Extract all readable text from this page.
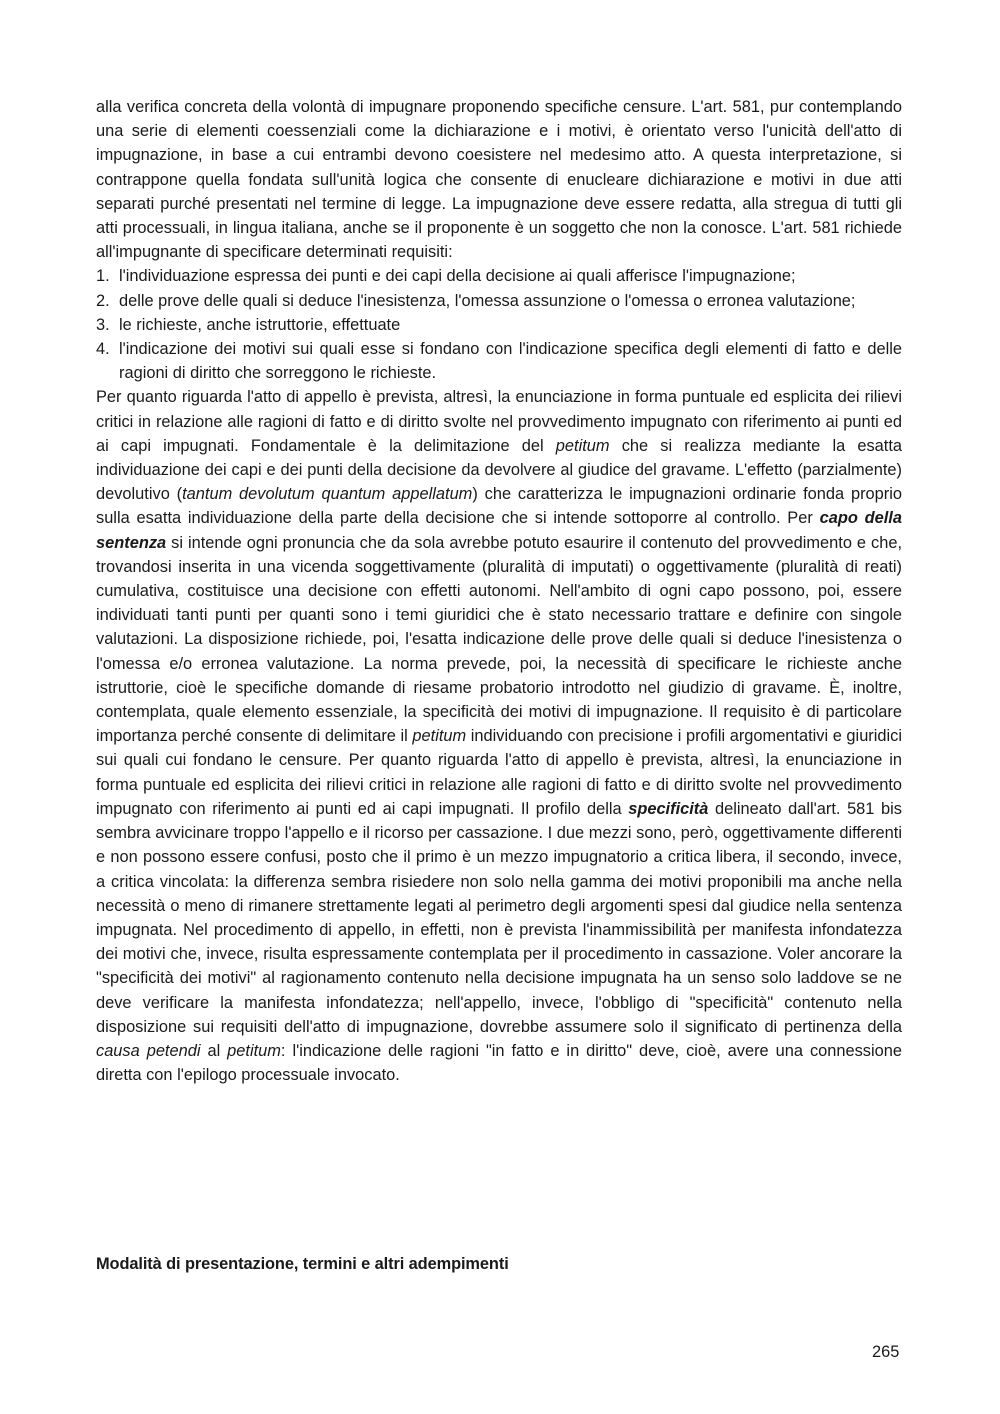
alla verifica concreta della volontà di impugnare proponendo specifiche censure. L'art. 581, pur contemplando una serie di elementi coessenziali come la dichiarazione e i motivi, è orientato verso l'unicità dell'atto di impugnazione, in base a cui entrambi devono coesistere nel medesimo atto. A questa interpretazione, si contrappone quella fondata sull'unità logica che consente di enucleare dichiarazione e motivi in due atti separati purché presentati nel termine di legge. La impugnazione deve essere redatta, alla stregua di tutti gli atti processuali, in lingua italiana, anche se il proponente è un soggetto che non la conosce. L'art. 581 richiede all'impugnante di specificare determinati requisiti:

1. l'individuazione espressa dei punti e dei capi della decisione ai quali afferisce l'impugnazione;
2. delle prove delle quali si deduce l'inesistenza, l'omessa assunzione o l'omessa o erronea valutazione;
3. le richieste, anche istruttorie, effettuate
4. l'indicazione dei motivi sui quali esse si fondano con l'indicazione specifica degli elementi di fatto e delle ragioni di diritto che sorreggono le richieste.

Per quanto riguarda l'atto di appello è prevista, altresì, la enunciazione in forma puntuale ed esplicita dei rilievi critici in relazione alle ragioni di fatto e di diritto svolte nel provvedimento impugnato con riferimento ai punti ed ai capi impugnati. Fondamentale è la delimitazione del petitum che si realizza mediante la esatta individuazione dei capi e dei punti della decisione da devolvere al giudice del gravame. L'effetto (parzialmente) devolutivo (tantum devolutum quantum appellatum) che caratterizza le impugnazioni ordinarie fonda proprio sulla esatta individuazione della parte della decisione che si intende sottoporre al controllo. Per capo della sentenza si intende ogni pronuncia che da sola avrebbe potuto esaurire il contenuto del provvedimento e che, trovandosi inserita in una vicenda soggettivamente (pluralità di imputati) o oggettivamente (pluralità di reati) cumulativa, costituisce una decisione con effetti autonomi. Nell'ambito di ogni capo possono, poi, essere individuati tanti punti per quanti sono i temi giuridici che è stato necessario trattare e definire con singole valutazioni. La disposizione richiede, poi, l'esatta indicazione delle prove delle quali si deduce l'inesistenza o l'omessa e/o erronea valutazione. La norma prevede, poi, la necessità di specificare le richieste anche istruttorie, cioè le specifiche domande di riesame probatorio introdotto nel giudizio di gravame. È, inoltre, contemplata, quale elemento essenziale, la specificità dei motivi di impugnazione. Il requisito è di particolare importanza perché consente di delimitare il petitum individuando con precisione i profili argomentativi e giuridici sui quali cui fondano le censure. Per quanto riguarda l'atto di appello è prevista, altresì, la enunciazione in forma puntuale ed esplicita dei rilievi critici in relazione alle ragioni di fatto e di diritto svolte nel provvedimento impugnato con riferimento ai punti ed ai capi impugnati. Il profilo della specificità delineato dall'art. 581 bis sembra avvicinare troppo l'appello e il ricorso per cassazione. I due mezzi sono, però, oggettivamente differenti e non possono essere confusi, posto che il primo è un mezzo impugnatorio a critica libera, il secondo, invece, a critica vincolata: la differenza sembra risiedere non solo nella gamma dei motivi proponibili ma anche nella necessità o meno di rimanere strettamente legati al perimetro degli argomenti spesi dal giudice nella sentenza impugnata. Nel procedimento di appello, in effetti, non è prevista l'inammissibilità per manifesta infondatezza dei motivi che, invece, risulta espressamente contemplata per il procedimento in cassazione. Voler ancorare la "specificità dei motivi" al ragionamento contenuto nella decisione impugnata ha un senso solo laddove se ne deve verificare la manifesta infondatezza; nell'appello, invece, l'obbligo di "specificità" contenuto nella disposizione sui requisiti dell'atto di impugnazione, dovrebbe assumere solo il significato di pertinenza della causa petendi al petitum: l'indicazione delle ragioni "in fatto e in diritto" deve, cioè, avere una connessione diretta con l'epilogo processuale invocato.

Modalità di presentazione, termini e altri adempimenti
265
